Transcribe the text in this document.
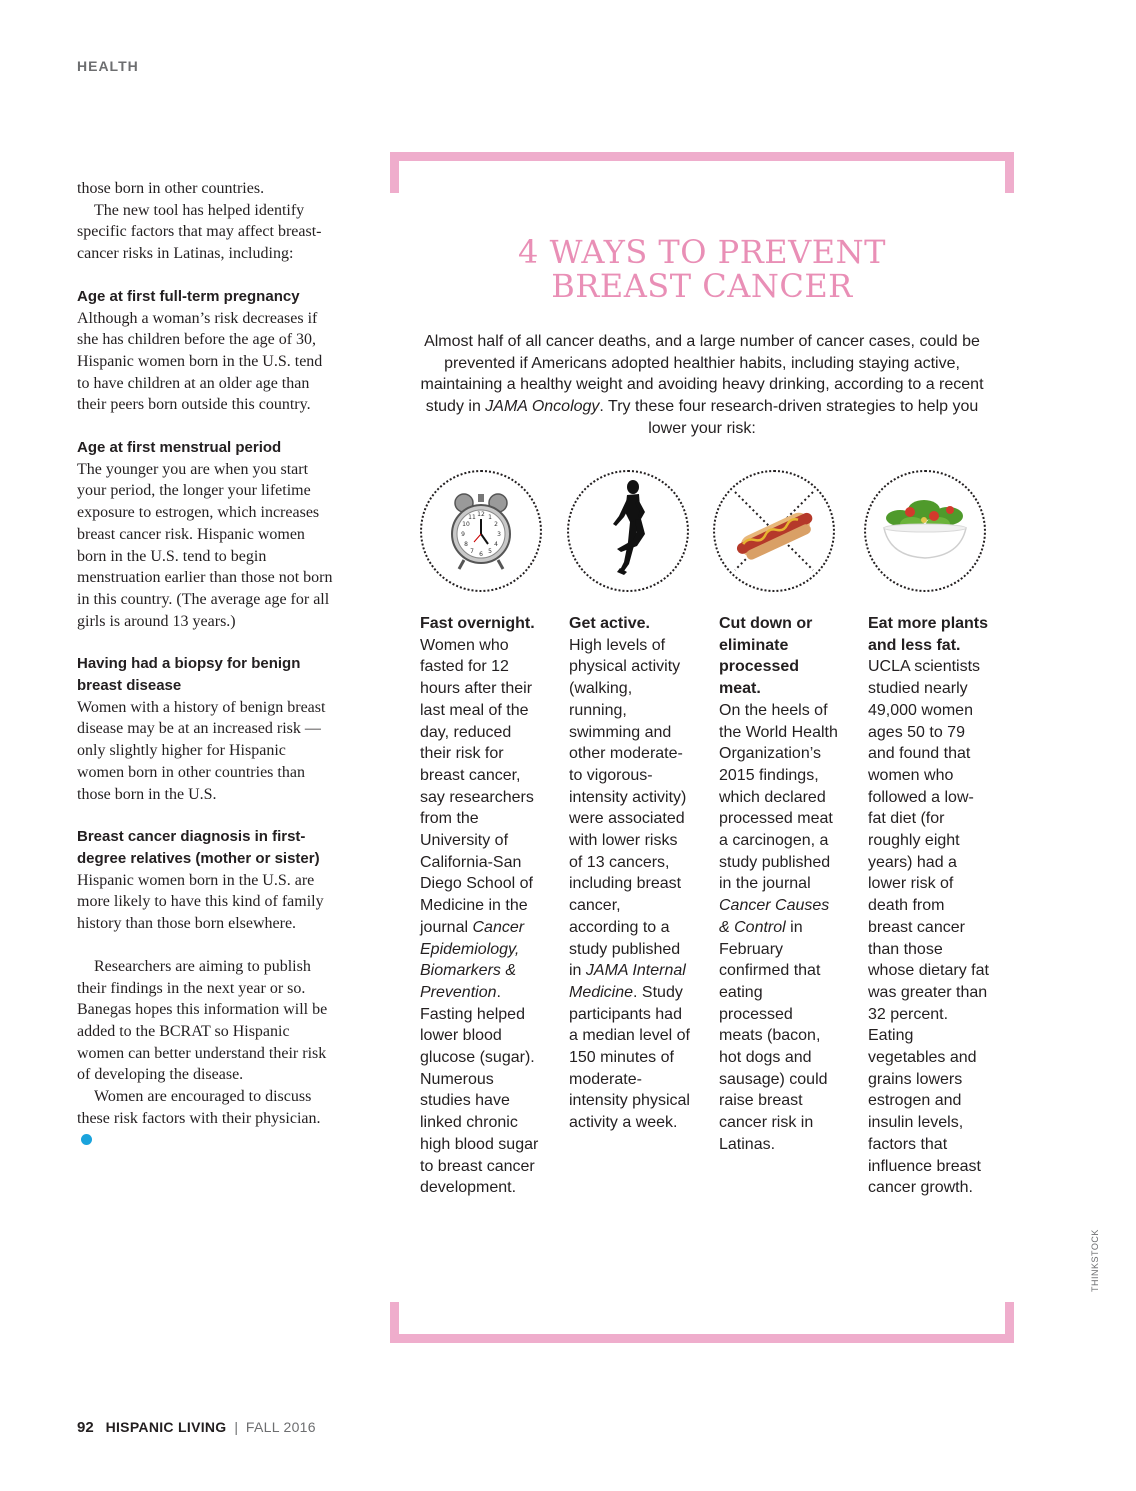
HEALTH

those born in other countries.

The new tool has helped identify specific factors that may affect breast-cancer risks in Latinas, including:

Age at first full-term pregnancy

Although a woman’s risk decreases if she has children before the age of 30, Hispanic women born in the U.S. tend to have children at an older age than their peers born outside this country.

Age at first menstrual period

The younger you are when you start your period, the longer your lifetime exposure to estrogen, which increases breast cancer risk. Hispanic women born in the U.S. tend to begin menstruation earlier than those not born in this country. (The average age for all girls is around 13 years.)

Having had a biopsy for benign breast disease

Women with a history of benign breast disease may be at an increased risk — only slightly higher for Hispanic women born in other countries than those born in the U.S.

Breast cancer diagnosis in first-degree relatives (mother or sister)

Hispanic women born in the U.S. are more likely to have this kind of family history than those born elsewhere.

Researchers are aiming to publish their findings in the next year or so. Banegas hopes this information will be added to the BCRAT so Hispanic women can better understand their risk of developing the disease.

Women are encouraged to discuss these risk factors with their physician.

4 WAYS TO PREVENT
BREAST CANCER

Almost half of all cancer deaths, and a large number of cancer cases, could be prevented if Americans adopted healthier habits, including staying active, maintaining a healthy weight and avoiding heavy drinking, according to a recent study in JAMA Oncology. Try these four research-driven strategies to help you lower your risk:

12
3
6
9
1
2
4
5
7
8
10
11
Fast overnight.

Women who fasted for 12 hours after their last meal of the day, reduced their risk for breast cancer, say researchers from the University of California-San Diego School of Medicine in the journal Cancer Epidemiology, Biomarkers & Prevention. Fasting helped lower blood glucose (sugar). Numerous studies have linked chronic high blood sugar to breast cancer development.

Get active.

High levels of physical activity (walking, running, swimming and other moderate- to vigorous-intensity activity) were associated with lower risks of 13 cancers, including breast cancer, according to a study published in JAMA Internal Medicine. Study participants had a median level of 150 minutes of moderate-intensity physical activity a week.

Cut down or eliminate processed meat.

On the heels of the World Health Organization’s 2015 findings, which declared processed meat a carcinogen, a study published in the journal Cancer Causes & Control in February confirmed that eating processed meats (bacon, hot dogs and sausage) could raise breast cancer risk in Latinas.

Eat more plants and less fat.

UCLA scientists studied nearly 49,000 women ages 50 to 79 and found that women who followed a low-fat diet (for roughly eight years) had a lower risk of death from breast cancer than those whose dietary fat was greater than 32 percent. Eating vegetables and grains lowers estrogen and insulin levels, factors that influence breast cancer growth.

THINKSTOCK
92 HISPANIC LIVING | FALL 2016
